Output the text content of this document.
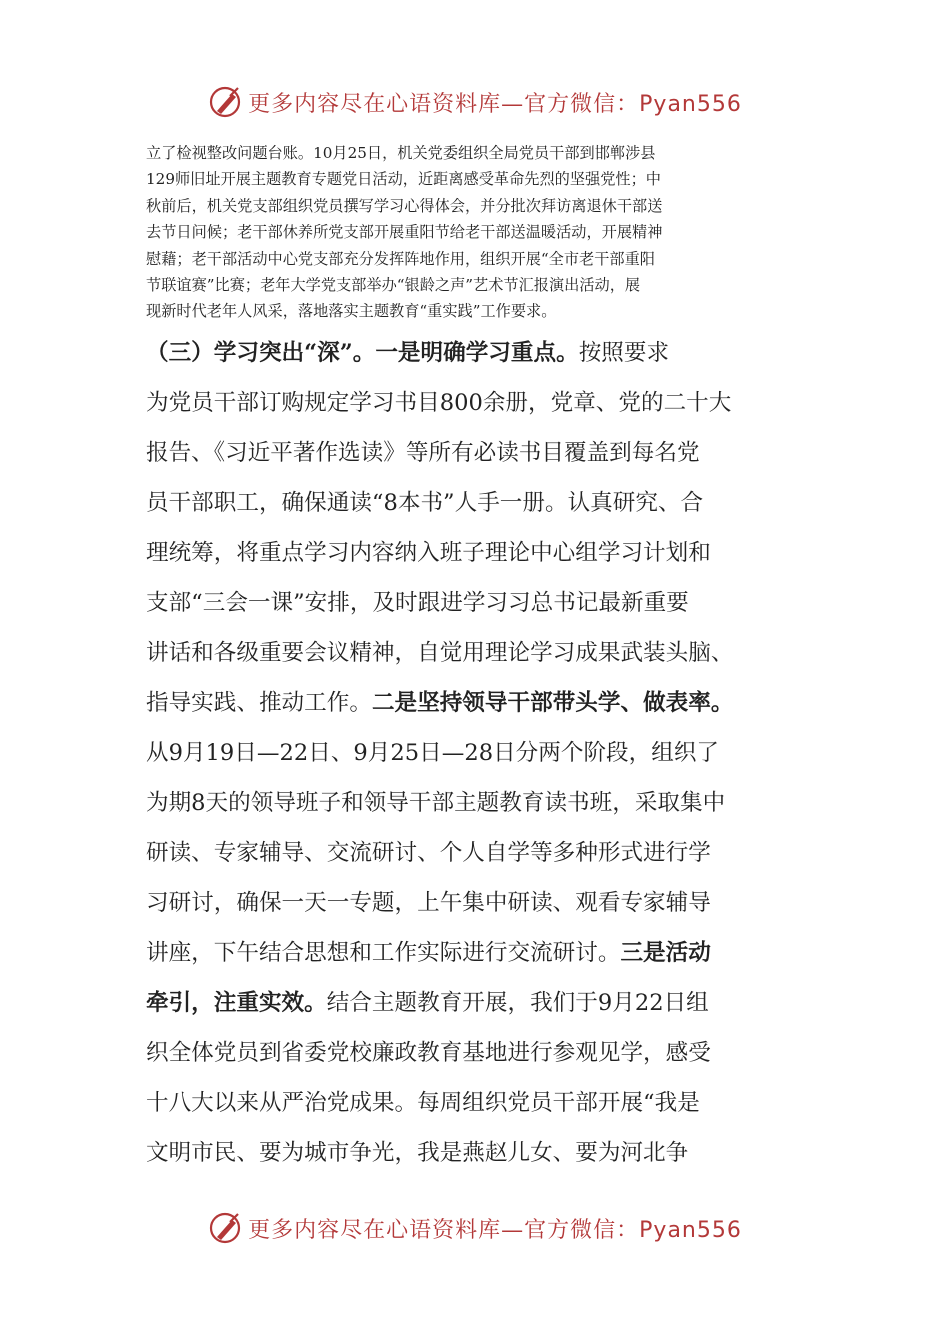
更多内容尽在心语资料库—官方微信：Pyan556
立了检视整改问题台账。10月25日，机关党委组织全局党员干部到邯郸涉县
129师旧址开展主题教育专题党日活动，近距离感受革命先烈的坚强党性；中
秋前后，机关党支部组织党员撰写学习心得体会，并分批次拜访离退休干部送
去节日问候；老干部休养所党支部开展重阳节给老干部送温暖活动，开展精神
慰藉；老干部活动中心党支部充分发挥阵地作用，组织开展“全市老干部重阳
节联谊赛”比赛；老年大学党支部举办“银龄之声”艺术节汇报演出活动，展
现新时代老年人风采，落地落实主题教育“重实践”工作要求。
（三）学习突出“深”。一是明确学习重点。按照要求
为党员干部订购规定学习书目800余册，党章、党的二十大
报告、《习近平著作选读》等所有必读书目覆盖到每名党
员干部职工，确保通读“8本书”人手一册。认真研究、合
理统筹，将重点学习内容纳入班子理论中心组学习计划和
支部“三会一课”安排，及时跟进学习习总书记最新重要
讲话和各级重要会议精神，自觉用理论学习成果武装头脑、
指导实践、推动工作。二是坚持领导干部带头学、做表率。
从9月19日—22日、9月25日—28日分两个阶段，组织了
为期8天的领导班子和领导干部主题教育读书班，采取集中
研读、专家辅导、交流研讨、个人自学等多种形式进行学
习研讨，确保一天一专题，上午集中研读、观看专家辅导
讲座，下午结合思想和工作实际进行交流研讨。三是活动
牵引，注重实效。结合主题教育开展，我们于9月22日组
织全体党员到省委党校廉政教育基地进行参观见学，感受
十八大以来从严治党成果。每周组织党员干部开展“我是
文明市民、要为城市争光，我是燕赵儿女、要为河北争
更多内容尽在心语资料库—官方微信：Pyan556
